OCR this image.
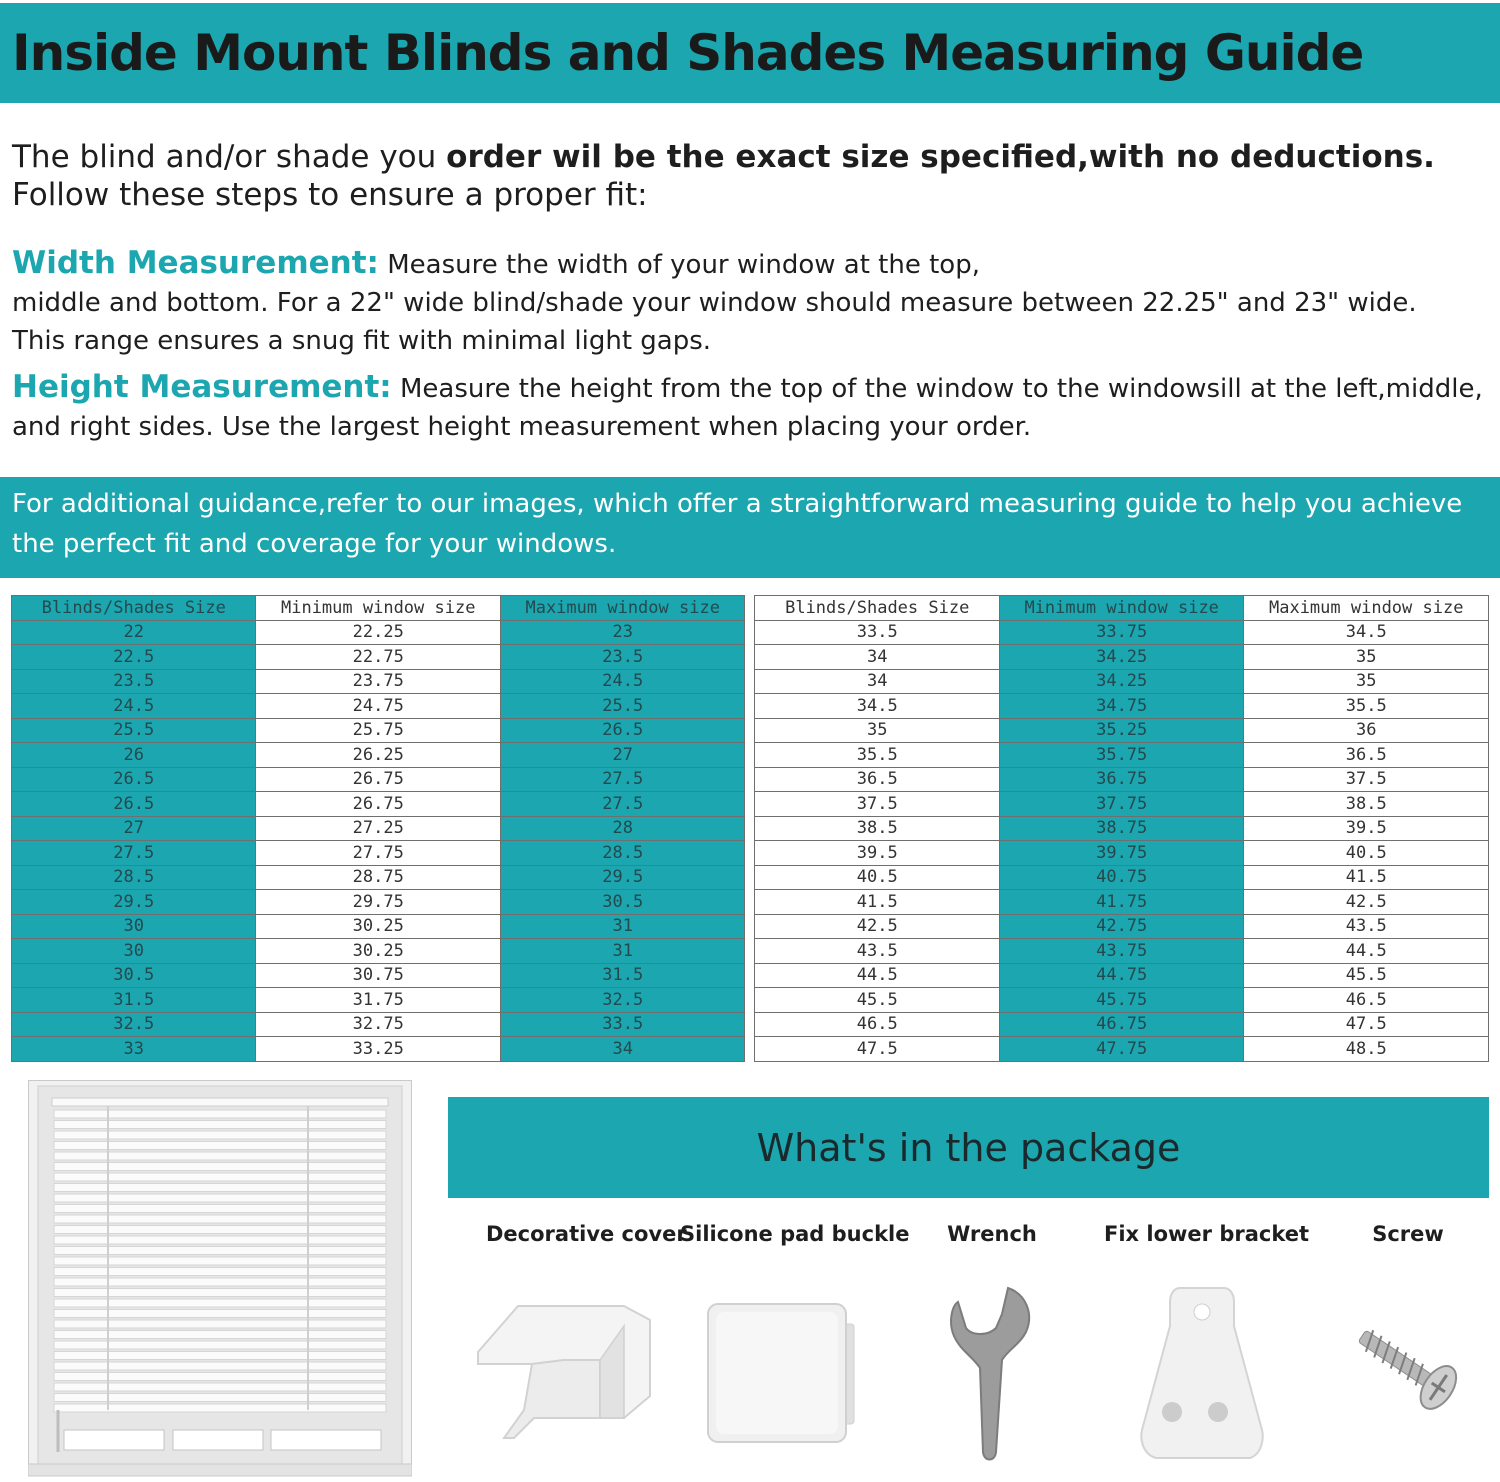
Inside Mount Blinds and Shades Measuring Guide
The blind and/or shade you order wil be the exact size specified,with no deductions.
Follow these steps to ensure a proper fit:
Width Measurement: Measure the width of your window at the top,
middle and bottom. For a 22" wide blind/shade your window should measure between 22.25" and 23" wide.
This range ensures a snug fit with minimal light gaps.
Height Measurement: Measure the height from the top of the window to the windowsill at the left,middle,
and right sides. Use the largest height measurement when placing your order.
For additional guidance,refer to our images, which offer a straightforward measuring guide to help you achieve
the perfect fit and coverage for your windows.
Blinds/Shades Size	Minimum window size	Maximum window size		Blinds/Shades Size	Minimum window size	Maximum window size
22	22.25	23		33.5	33.75	34.5
22.5	22.75	23.5		34	34.25	35
23.5	23.75	24.5		34	34.25	35
24.5	24.75	25.5		34.5	34.75	35.5
25.5	25.75	26.5		35	35.25	36
26	26.25	27		35.5	35.75	36.5
26.5	26.75	27.5		36.5	36.75	37.5
26.5	26.75	27.5		37.5	37.75	38.5
27	27.25	28		38.5	38.75	39.5
27.5	27.75	28.5		39.5	39.75	40.5
28.5	28.75	29.5		40.5	40.75	41.5
29.5	29.75	30.5		41.5	41.75	42.5
30	30.25	31		42.5	42.75	43.5
30	30.25	31		43.5	43.75	44.5
30.5	30.75	31.5		44.5	44.75	45.5
31.5	31.75	32.5		45.5	45.75	46.5
32.5	32.75	33.5		46.5	46.75	47.5
33	33.25	34		47.5	47.75	48.5
What's in the package
Decorative cover
Silicone pad buckle	Wrench	Fix lower bracket	Screw
